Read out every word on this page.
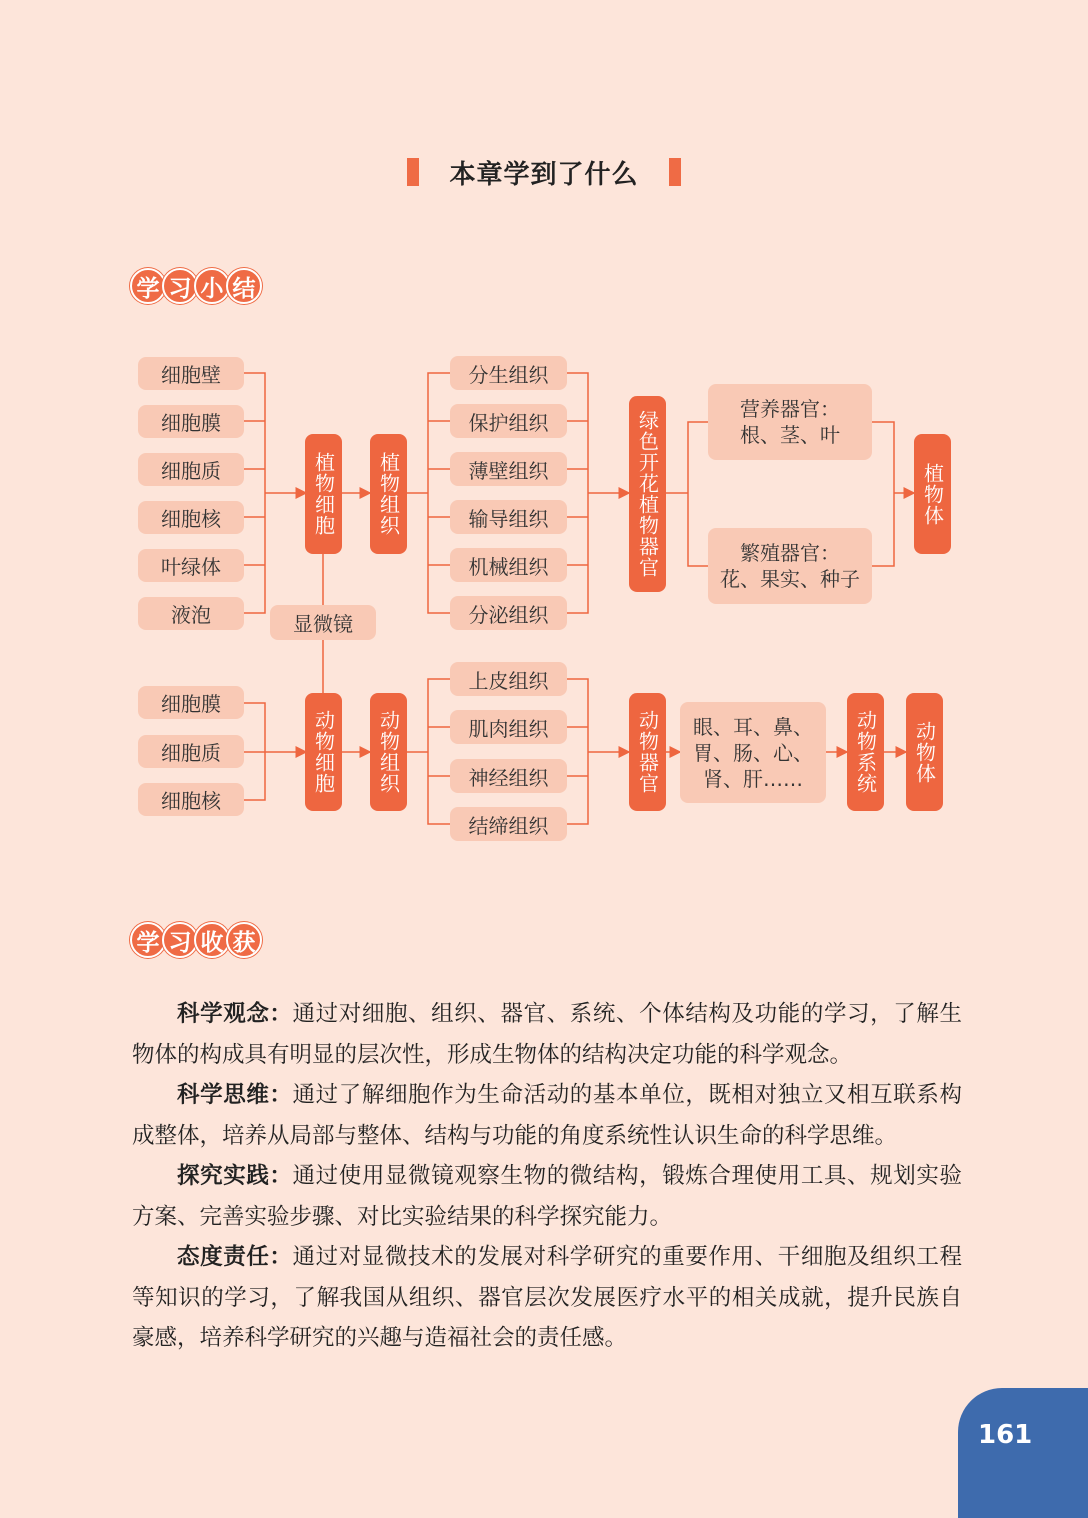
本章学到了什么
学 习 小 结
细胞壁
细胞膜
细胞质
细胞核
叶绿体
液泡
植物细胞 植物组织
显微镜
分生组织
保护组织
薄壁组织
输导组织
机械组织
分泌组织
绿色开花植物器官
营养器官：
根、茎、叶
繁殖器官：
花、果实、种子
植物体
细胞膜
细胞质
细胞核
动物细胞 动物组织
上皮组织
肌肉组织
神经组织
结缔组织
动物器官	眼、耳、鼻、
胃、肠、心、
肾、肝……	动物系统 动物体
学 习 收 获
科学观念：通过对细胞、组织、器官、系统、个体结构及功能的学习，了解生物体的构成具有明显的层次性，形成生物体的结构决定功能的科学观念。
科学思维：通过了解细胞作为生命活动的基本单位，既相对独立又相互联系构成整体，培养从局部与整体、结构与功能的角度系统性认识生命的科学思维。
探究实践：通过使用显微镜观察生物的微结构，锻炼合理使用工具、规划实验方案、完善实验步骤、对比实验结果的科学探究能力。
态度责任：通过对显微技术的发展对科学研究的重要作用、干细胞及组织工程等知识的学习，了解我国从组织、器官层次发展医疗水平的相关成就，提升民族自豪感，培养科学研究的兴趣与造福社会的责任感。
161
